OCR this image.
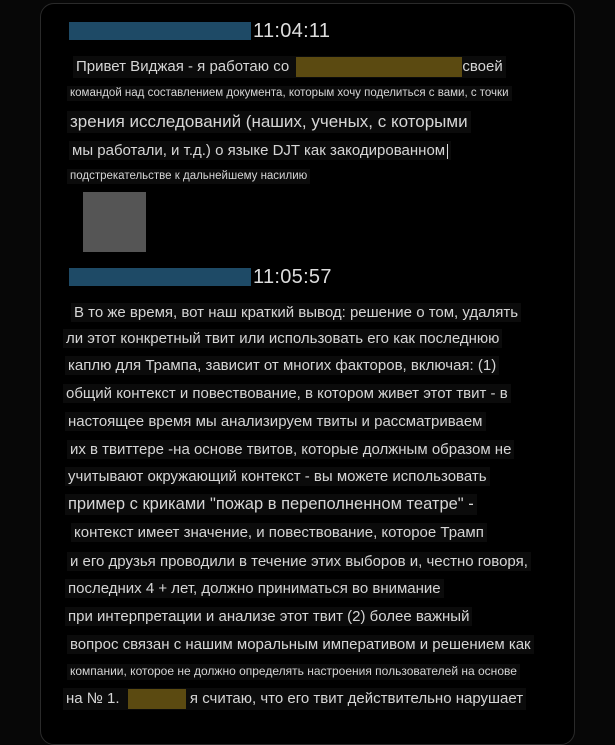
11:04:11
Привет Виджая - я работаю со	своей
командой над составлением документа, которым хочу поделиться с вами, с точки
зрения исследований (наших, ученых, с которыми
мы работали, и т.д.) о языке DJT как закодированном
подстрекательстве к дальнейшему насилию
11:05:57
В то же время, вот наш краткий вывод: решение о том, удалять
ли этот конкретный твит или использовать его как последнюю
каплю для Трампа, зависит от многих факторов, включая: (1)
общий контекст и повествование, в котором живет этот твит - в
настоящее время мы анализируем твиты и рассматриваем
их в твиттере -на основе твитов, которые должным образом не
учитывают окружающий контекст - вы можете использовать
пример с криками "пожар в переполненном театре" -
контекст имеет значение, и повествование, которое Трамп
и его друзья проводили в течение этих выборов и, честно говоря,
последних 4 + лет, должно приниматься во внимание
при интерпретации и анализе этот твит (2) более важный
вопрос связан с нашим моральным императивом и решением как
компании, которое не должно определять настроения пользователей на основе
на № 1.	я считаю, что его твит действительно нарушает
